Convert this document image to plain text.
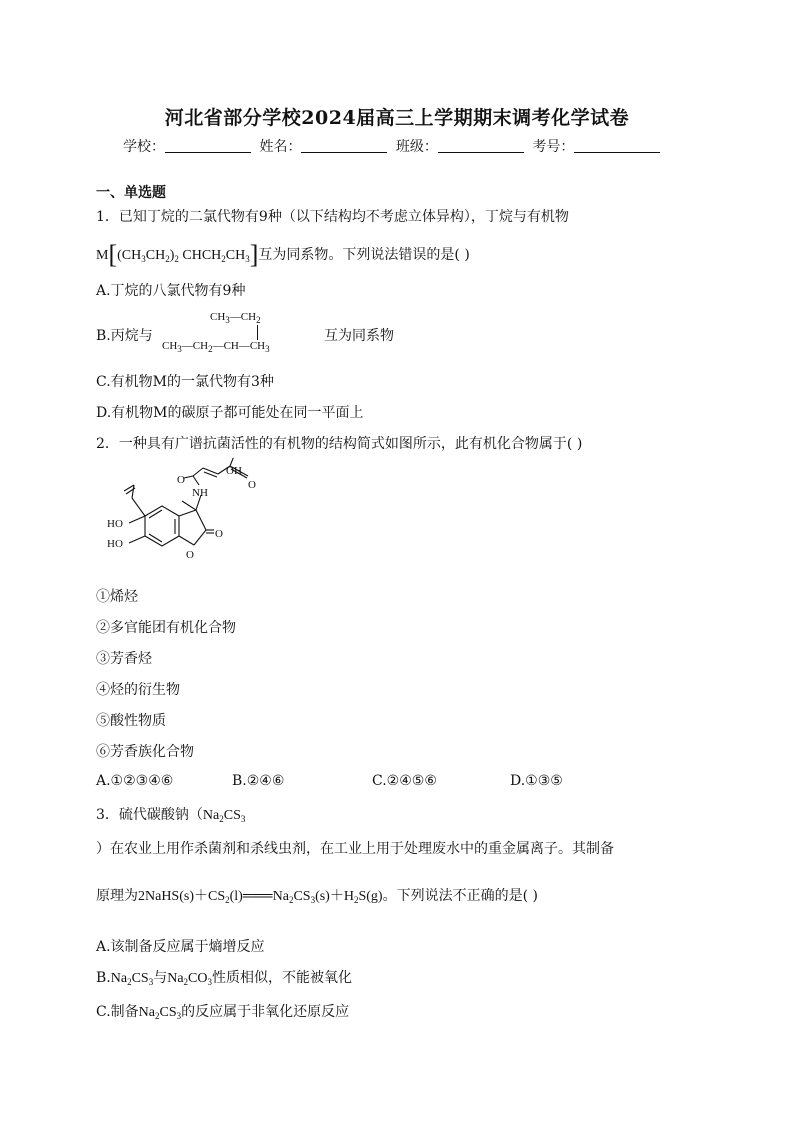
河北省部分学校2024届高三上学期期末调考化学试卷
学校：	姓名：	班级：	考号：
一、单选题
1．已知丁烷的二氯代物有9种（以下结构均不考虑立体异构），丁烷与有机物
$M[(CH_3CH_2)_2$ $CHCH_2CH_3$]互为同系物。下列说法错误的是( )
A.丁烷的八氯代物有9种
B.丙烷与
$CH_3—CH_2$
$CH_3—CH_2—CH—CH_3$
互为同系物
C.有机物M的一氯代物有3种
D.有机物M的碳原子都可能处在同一平面上
2．一种具有广谱抗菌活性的有机物的结构简式如图所示，此有机化合物属于( )
OH
O
O
NH
HO
HO
O
O
①烯烃
②多官能团有机化合物
③芳香烃
④烃的衍生物
⑤酸性物质
⑥芳香族化合物
A.①②③④⑥	B.②④⑥	C.②④⑤⑥	D.①③⑤
3．硫代碳酸钠（$Na_2CS_3$
）在农业上用作杀菌剂和杀线虫剂，在工业上用于处理废水中的重金属离子。其制备
原理为$2NaHS(s)+CS_2(l)═══Na_2CS_3(s)+H_2S(g)$。下列说法不正确的是( )
A.该制备反应属于熵增反应
$B.Na_2CS_3$与$Na_2CO_3$性质相似，不能被氧化
C.制备$Na_2CS_3$的反应属于非氧化还原反应
